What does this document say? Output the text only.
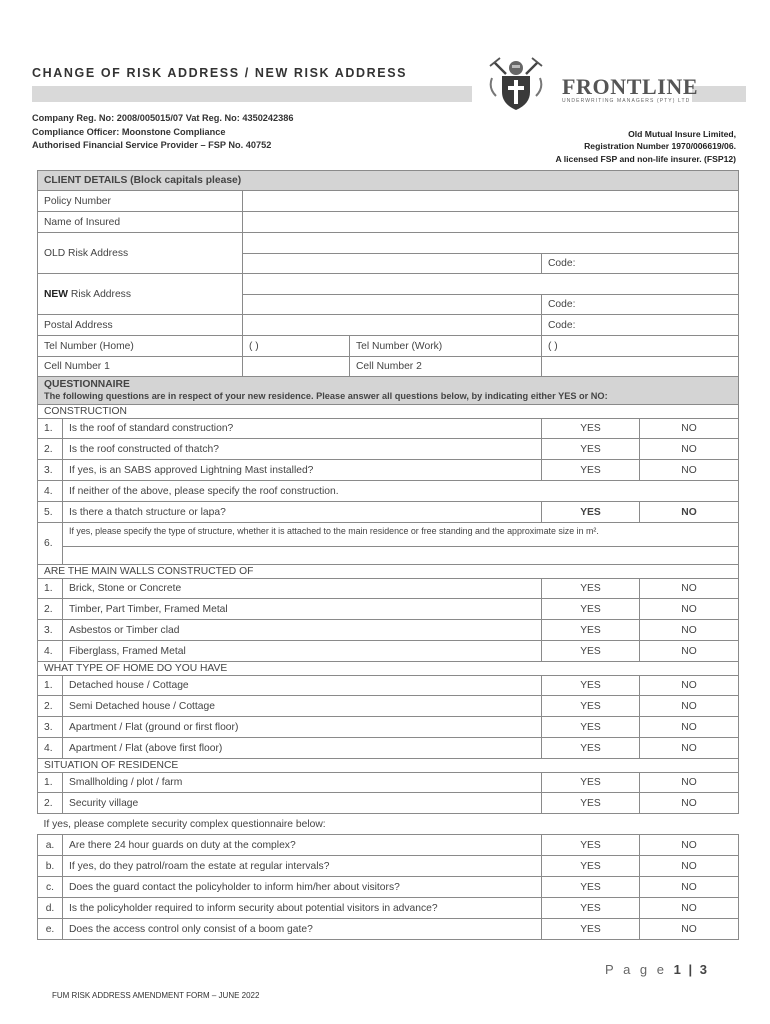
CHANGE OF RISK ADDRESS / NEW RISK ADDRESS
Company Reg. No: 2008/005015/07 Vat Reg. No: 4350242386
Compliance Officer: Moonstone Compliance
Authorised Financial Service Provider – FSP No. 40752
FRONTLINE
UNDERWRITING MANAGERS (PTY) LTD
Old Mutual Insure Limited,
Registration Number 1970/006619/06.
A licensed FSP and non-life insurer. (FSP12)
CLIENT DETAILS (Block capitals please)					
Policy Number					
Name of Insured					
OLD Risk Address					
				Code:	
NEW Risk Address					
				Code:	
Postal Address				Code:	
Tel Number (Home)		( )	Tel Number (Work)	( )	
Cell Number 1			Cell Number 2		

QUESTIONNAIRE
The following questions are in respect of your new residence. Please answer all questions below, by indicating either YES or NO:					

CONSTRUCTION					
1.	Is the roof of standard construction?			YES	NO
2.	Is the roof constructed of thatch?			YES	NO
3.	If yes, is an SABS approved Lightning Mast installed?			YES	NO
4.	If neither of the above, please specify the roof construction.				
5.	Is there a thatch structure or lapa?			YES	NO
6.	If yes, please specify the type of structure, whether it is attached to the main residence or free standing and the approximate size in m².				

ARE THE MAIN WALLS CONSTRUCTED OF					
1.	Brick, Stone or Concrete			YES	NO
2.	Timber, Part Timber, Framed Metal			YES	NO
3.	Asbestos or Timber clad			YES	NO
4.	Fiberglass, Framed Metal			YES	NO
WHAT TYPE OF HOME DO YOU HAVE					
1.	Detached house / Cottage			YES	NO
2.	Semi Detached house / Cottage			YES	NO
3.	Apartment / Flat (ground or first floor)			YES	NO
4.	Apartment / Flat (above first floor)			YES	NO
SITUATION OF RESIDENCE					
1.	Smallholding / plot / farm			YES	NO
2.	Security village			YES	NO
If yes, please complete security complex questionnaire below:					
a.	Are there 24 hour guards on duty at the complex?			YES	NO
b.	If yes, do they patrol/roam the estate at regular intervals?			YES	NO
c.	Does the guard contact the policyholder to inform him/her about visitors?			YES	NO
d.	Is the policyholder required to inform security about potential visitors in advance?			YES	NO
e.	Does the access control only consist of a boom gate?			YES	NO
P a g e 1 | 3
FUM RISK ADDRESS AMENDMENT FORM – JUNE 2022
